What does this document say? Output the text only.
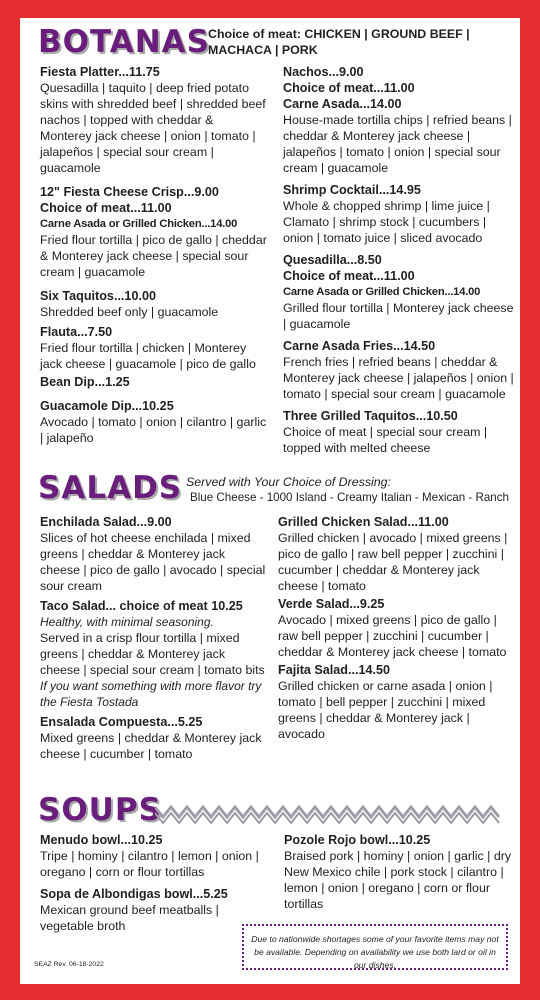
BOTANAS
Choice of meat: CHICKEN | GROUND BEEF |
MACHACA | PORK
Fiesta Platter...11.75
Quesadilla | taquito | deep fried potato skins with shredded beef | shredded beef nachos | topped with cheddar & Monterey jack cheese | onion | tomato | jalapeños | special sour cream | guacamole
12" Fiesta Cheese Crisp...9.00
Choice of meat...11.00
Carne Asada or Grilled Chicken...14.00
Fried flour tortilla | pico de gallo | cheddar & Monterey jack cheese | special sour cream | guacamole
Six Taquitos...10.00
Shredded beef only | guacamole
Flauta...7.50
Fried flour tortilla | chicken | Monterey jack cheese | guacamole | pico de gallo
Bean Dip...1.25
Guacamole Dip...10.25
Avocado | tomato | onion | cilantro | garlic | jalapeño
Nachos...9.00
Choice of meat...11.00
Carne Asada...14.00
House-made tortilla chips | refried beans | cheddar & Monterey jack cheese | jalapeños | tomato | onion | special sour cream | guacamole
Shrimp Cocktail...14.95
Whole & chopped shrimp | lime juice | Clamato | shrimp stock | cucumbers | onion | tomato juice | sliced avocado
Quesadilla...8.50
Choice of meat...11.00
Carne Asada or Grilled Chicken...14.00
Grilled flour tortilla | Monterey jack cheese | guacamole
Carne Asada Fries...14.50
French fries | refried beans | cheddar & Monterey jack cheese | jalapeños | onion | tomato | special sour cream | guacamole
Three Grilled Taquitos...10.50
Choice of meat | special sour cream | topped with melted cheese
SALADS Served with Your Choice of Dressing:
Blue Cheese - 1000 Island - Creamy Italian - Mexican - Ranch
Enchilada Salad...9.00
Slices of hot cheese enchilada | mixed greens | cheddar & Monterey jack cheese | pico de gallo | avocado | special sour cream
Taco Salad... choice of meat 10.25
Healthy, with minimal seasoning.
Served in a crisp flour tortilla | mixed greens | cheddar & Monterey jack cheese | special sour cream | tomato bits
If you want something with more flavor try the Fiesta Tostada
Ensalada Compuesta...5.25
Mixed greens | cheddar & Monterey jack cheese | cucumber | tomato
Grilled Chicken Salad...11.00
Grilled chicken | avocado | mixed greens | pico de gallo | raw bell pepper | zucchini | cucumber | cheddar & Monterey jack cheese | tomato
Verde Salad...9.25
Avocado | mixed greens | pico de gallo | raw bell pepper | zucchini | cucumber | cheddar & Monterey jack cheese | tomato
Fajita Salad...14.50
Grilled chicken or carne asada | onion | tomato | bell pepper | zucchini | mixed greens | cheddar & Monterey jack | avocado
SOUPS
Menudo bowl...10.25
Tripe | hominy | cilantro | lemon | onion | oregano | corn or flour tortillas
Sopa de Albondigas bowl...5.25
Mexican ground beef meatballs | vegetable broth
Pozole Rojo bowl...10.25
Braised pork | hominy | onion | garlic | dry New Mexico chile | pork stock | cilantro | lemon | onion | oregano | corn or flour tortillas
Due to nationwide shortages some of your favorite items may not be available. Depending on availability we use both lard or oil in our dishes.
SEAZ Rev. 06-18-2022
